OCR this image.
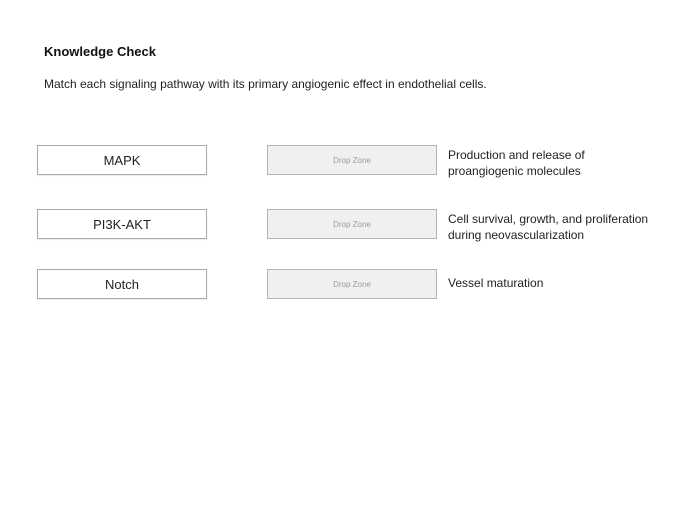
Knowledge Check
Match each signaling pathway with its primary angiogenic effect in endothelial cells.
MAPK	Drop Zone	Production and release of
proangiogenic molecules
PI3K-AKT	Drop Zone	Cell survival, growth, and proliferation
during neovascularization
Notch	Drop Zone	Vessel maturation
